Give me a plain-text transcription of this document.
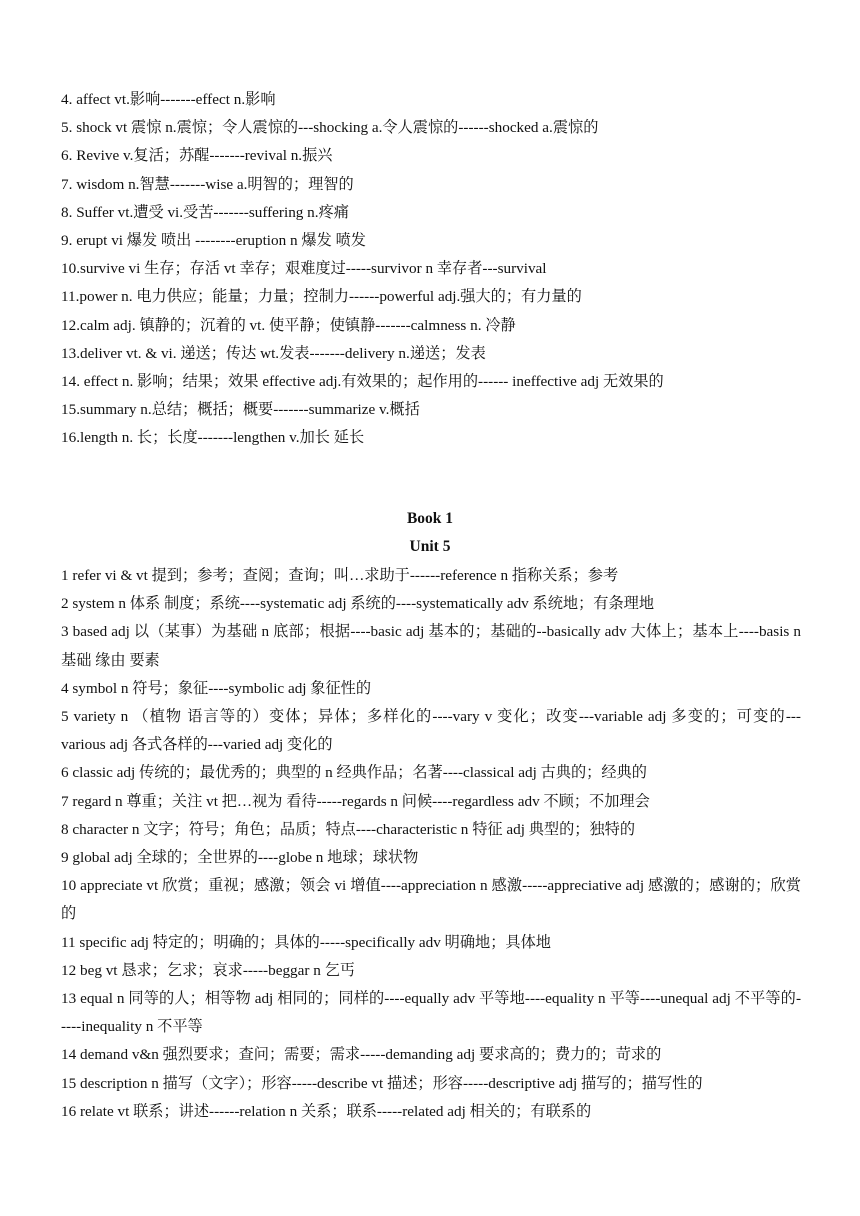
4. affect vt.影响-------effect n.影响
5. shock vt 震惊 n.震惊；令人震惊的---shocking a.令人震惊的------shocked a.震惊的
6. Revive v.复活；苏醒-------revival n.振兴
7. wisdom n.智慧-------wise a.明智的；理智的
8. Suffer vt.遭受 vi.受苦-------suffering n.疼痛
9. erupt vi 爆发 喷出 --------eruption n 爆发 喷发
10.survive vi 生存；存活 vt 幸存；艰难度过-----survivor n 幸存者---survival
11.power n. 电力供应；能量；力量；控制力------powerful adj.强大的；有力量的
12.calm adj. 镇静的；沉着的 vt. 使平静；使镇静-------calmness n. 冷静
13.deliver vt. & vi. 递送；传达 wt.发表-------delivery n.递送；发表
14. effect n. 影响；结果；效果 effective adj.有效果的；起作用的------ ineffective adj 无效果的
15.summary n.总结；概括；概要-------summarize v.概括
16.length n. 长；长度-------lengthen v.加长 延长
Book 1
Unit 5
1 refer vi & vt 提到；参考；查阅；查询；叫…求助于------reference n 指称关系；参考
2 system n 体系 制度；系统----systematic adj 系统的----systematically adv 系统地；有条理地
3 based adj 以（某事）为基础 n 底部；根据----basic adj 基本的；基础的--basically adv 大体上；基本上----basis n 基础 缘由 要素
4 symbol n 符号；象征----symbolic adj 象征性的
5 variety n （植物 语言等的）变体；异体；多样化的----vary v 变化；改变---variable adj 多变的；可变的---various adj 各式各样的---varied adj 变化的
6 classic adj 传统的；最优秀的；典型的 n 经典作品；名著----classical adj 古典的；经典的
7 regard n 尊重；关注 vt 把…视为 看待-----regards n 问候----regardless adv 不顾；不加理会
8 character n 文字；符号；角色；品质；特点----characteristic n 特征 adj 典型的；独特的
9 global adj 全球的；全世界的----globe n 地球；球状物
10 appreciate vt 欣赏；重视；感激；领会 vi 增值----appreciation n 感激-----appreciative adj 感激的；感谢的；欣赏的
11 specific adj 特定的；明确的；具体的-----specifically adv 明确地；具体地
12 beg vt 恳求；乞求；哀求-----beggar n 乞丐
13 equal n 同等的人；相等物 adj 相同的；同样的----equally adv 平等地----equality n 平等----unequal adj 不平等的-----inequality n 不平等
14 demand v&n 强烈要求；查问；需要；需求-----demanding adj 要求高的；费力的；苛求的
15 description n 描写（文字）；形容-----describe vt 描述；形容-----descriptive adj 描写的；描写性的
16 relate vt 联系；讲述------relation n 关系；联系-----related adj 相关的；有联系的
